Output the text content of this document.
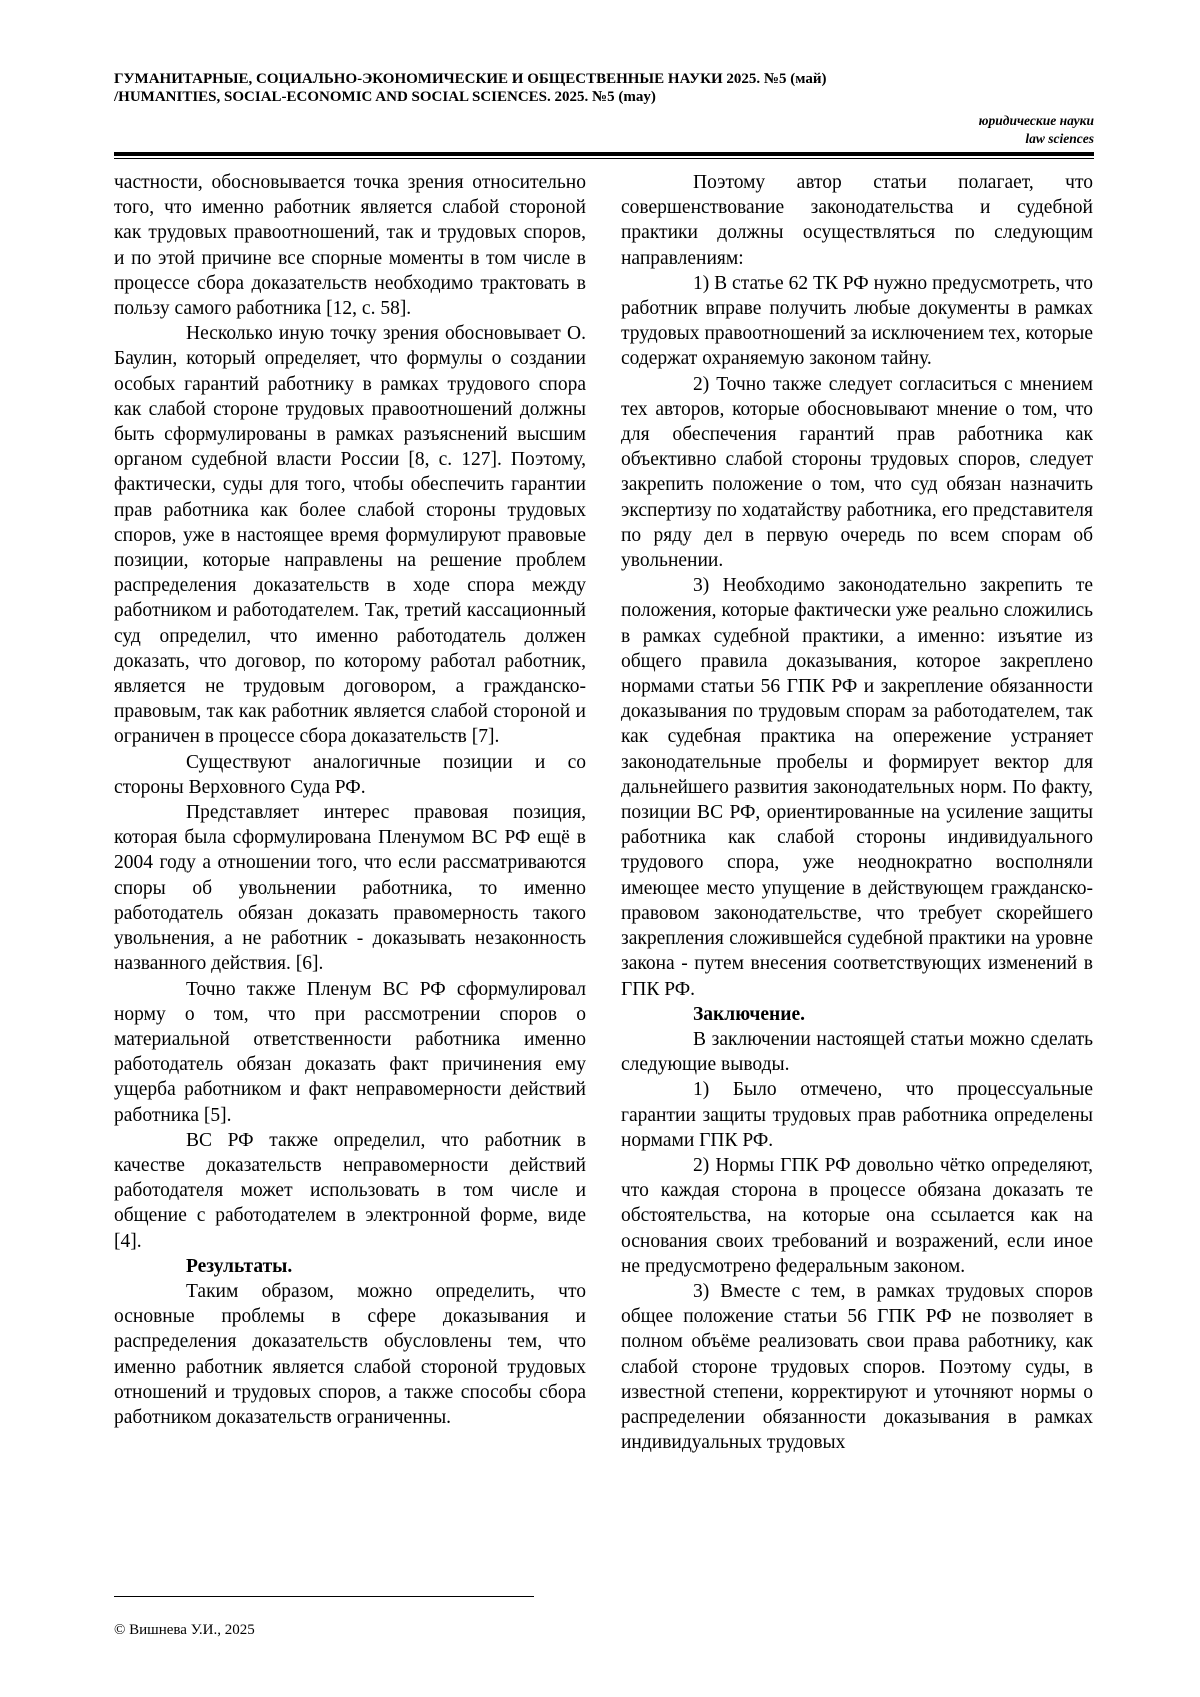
ГУМАНИТАРНЫЕ, СОЦИАЛЬНО-ЭКОНОМИЧЕСКИЕ И ОБЩЕСТВЕННЫЕ НАУКИ 2025. №5 (май)

/HUMANITIES, SOCIAL-ECONOMIC AND SOCIAL SCIENCES. 2025. №5 (may)

юридические науки
law sciences

частности, обосновывается точка зрения относительно того, что именно работник является слабой стороной как трудовых правоотношений, так и трудовых споров, и по этой причине все спорные моменты в том числе в процессе сбора доказательств необходимо трактовать в пользу самого работника [12, с. 58].

Несколько иную точку зрения обосновывает О. Баулин, который определяет, что формулы о создании особых гарантий работнику в рамках трудового спора как слабой стороне трудовых правоотношений должны быть сформулированы в рамках разъяснений высшим органом судебной власти России [8, с. 127]. Поэтому, фактически, суды для того, чтобы обеспечить гарантии прав работника как более слабой стороны трудовых споров, уже в настоящее время формулируют правовые позиции, которые направлены на решение проблем распределения доказательств в ходе спора между работником и работодателем. Так, третий кассационный суд определил, что именно работодатель должен доказать, что договор, по которому работал работник, является не трудовым договором, а гражданско-правовым, так как работник является слабой стороной и ограничен в процессе сбора доказательств [7].

Существуют аналогичные позиции и со стороны Верховного Суда РФ.

Представляет интерес правовая позиция, которая была сформулирована Пленумом ВС РФ ещё в 2004 году а отношении того, что если рассматриваются споры об увольнении работника, то именно работодатель обязан доказать правомерность такого увольнения, а не работник - доказывать незаконность названного действия. [6].

Точно также Пленум ВС РФ сформулировал норму о том, что при рассмотрении споров о материальной ответственности работника именно работодатель обязан доказать факт причинения ему ущерба работником и факт неправомерности действий работника [5].

ВС РФ также определил, что работник в качестве доказательств неправомерности действий работодателя может использовать в том числе и общение с работодателем в электронной форме, виде [4].

Результаты.

Таким образом, можно определить, что основные проблемы в сфере доказывания и распределения доказательств обусловлены тем, что именно работник является слабой стороной трудовых отношений и трудовых споров, а также способы сбора работником доказательств ограниченны.

Поэтому автор статьи полагает, что совершенствование законодательства и судебной практики должны осуществляться по следующим направлениям:

1) В статье 62 ТК РФ нужно предусмотреть, что работник вправе получить любые документы в рамках трудовых правоотношений за исключением тех, которые содержат охраняемую законом тайну.

2) Точно также следует согласиться с мнением тех авторов, которые обосновывают мнение о том, что для обеспечения гарантий прав работника как объективно слабой стороны трудовых споров, следует закрепить положение о том, что суд обязан назначить экспертизу по ходатайству работника, его представителя по ряду дел в первую очередь по всем спорам об увольнении.

3) Необходимо законодательно закрепить те положения, которые фактически уже реально сложились в рамках судебной практики, а именно: изъятие из общего правила доказывания, которое закреплено нормами статьи 56 ГПК РФ и закрепление обязанности доказывания по трудовым спорам за работодателем, так как судебная практика на опережение устраняет законодательные пробелы и формирует вектор для дальнейшего развития законодательных норм. По факту, позиции ВС РФ, ориентированные на усиление защиты работника как слабой стороны индивидуального трудового спора, уже неоднократно восполняли имеющее место упущение в действующем гражданско-правовом законодательстве, что требует скорейшего закрепления сложившейся судебной практики на уровне закона - путем внесения соответствующих изменений в ГПК РФ.

Заключение.

В заключении настоящей статьи можно сделать следующие выводы.

1) Было отмечено, что процессуальные гарантии защиты трудовых прав работника определены нормами ГПК РФ.

2) Нормы ГПК РФ довольно чётко определяют, что каждая сторона в процессе обязана доказать те обстоятельства, на которые она ссылается как на основания своих требований и возражений, если иное не предусмотрено федеральным законом.

3) Вместе с тем, в рамках трудовых споров общее положение статьи 56 ГПК РФ не позволяет в полном объёме реализовать свои права работнику, как слабой стороне трудовых споров. Поэтому суды, в известной степени, корректируют и уточняют нормы о распределении обязанности доказывания в рамках индивидуальных трудовых

© Вишнева У.И., 2025
